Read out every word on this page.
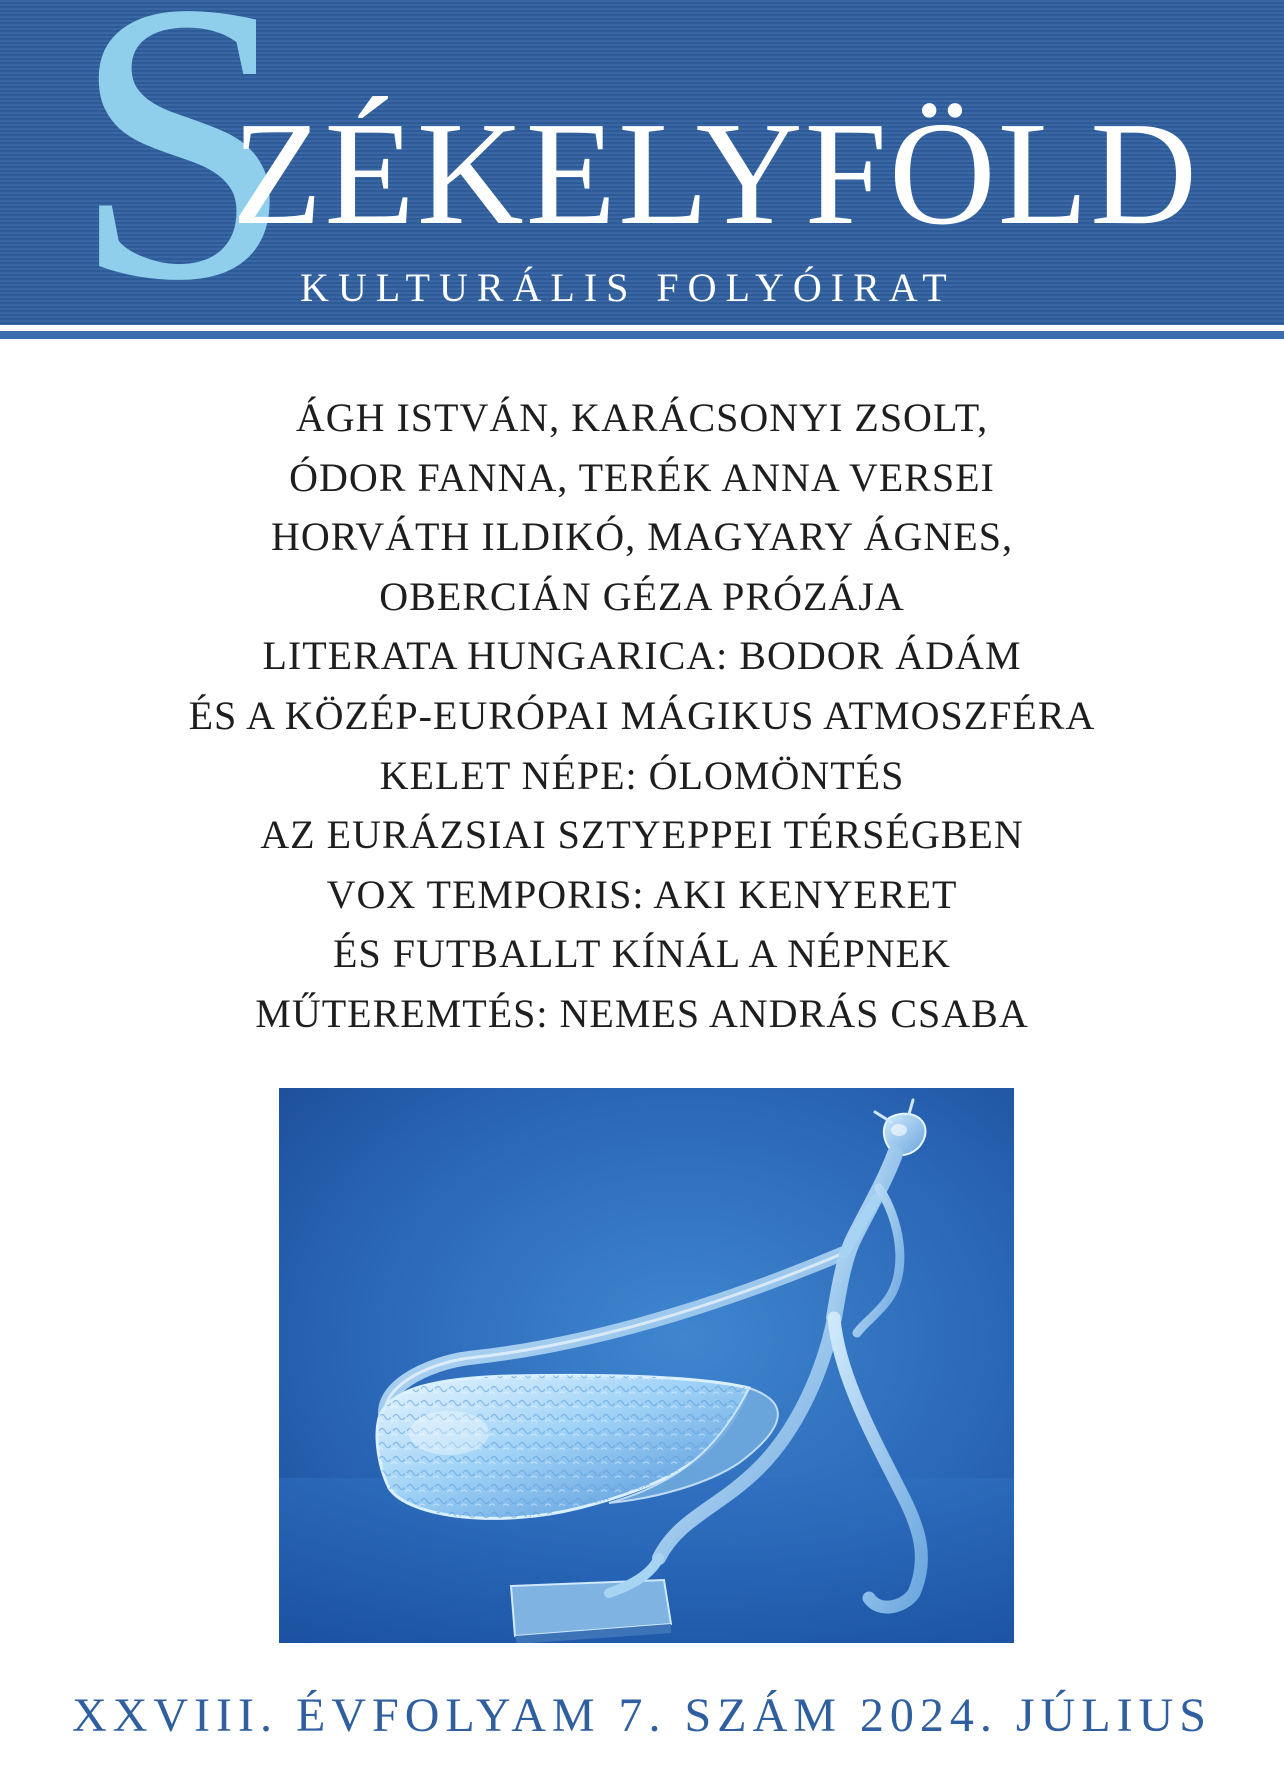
S
ZÉKELYFÖLD
KULTURÁLIS FOLYÓIRAT
ÁGH ISTVÁN, KARÁCSONYI ZSOLT,
ÓDOR FANNA, TERÉK ANNA VERSEI
HORVÁTH ILDIKÓ, MAGYARY ÁGNES,
OBERCIÁN GÉZA PRÓZÁJA
LITERATA HUNGARICA: BODOR ÁDÁM
ÉS A KÖZÉP-EURÓPAI MÁGIKUS ATMOSZFÉRA
KELET NÉPE: ÓLOMÖNTÉS
AZ EURÁZSIAI SZTYEPPEI TÉRSÉGBEN
VOX TEMPORIS: AKI KENYERET
ÉS FUTBALLT KÍNÁL A NÉPNEK
MŰTEREMTÉS: NEMES ANDRÁS CSABA
XXVIII. ÉVFOLYAM 7. SZÁM 2024. JÚLIUS
